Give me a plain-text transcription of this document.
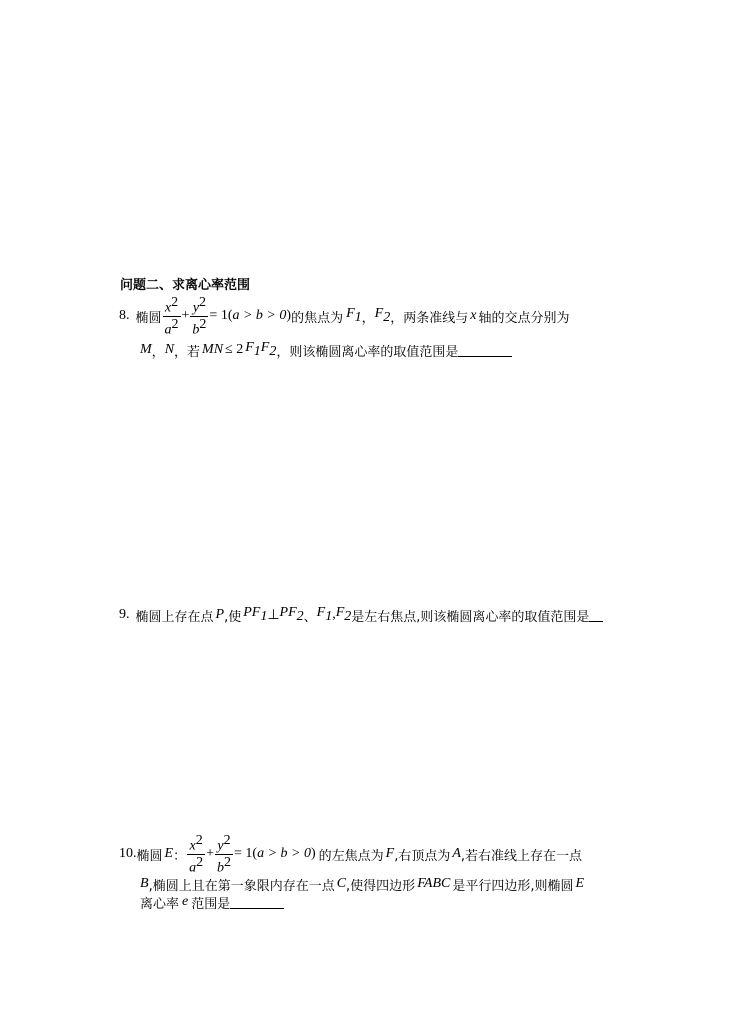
问题二、求离心率范围
8. 椭圆 $\frac{x^2}{a^2} + \frac{y^2}{b^2} = 1$( a > b > 0 ) 的焦点为 $F_1$ ， $F_2$ ，两条准线与 x 轴的交点分别为
M ， N ，若 MN ≤ 2 $F_1F_2$ ，则该椭圆离心率的取值范围是
9. 椭圆上存在点 P ,使 $PF_1$ ⊥ $PF_2$ 、 $F_1$ , $F_2$ 是左右焦点,则该椭圆离心率的取值范围是
10. 椭圆 E ： $\frac{x^2}{a^2} + \frac{y^2}{b^2} = 1$( a > b > 0 ) 的左焦点为 F ,右顶点为 A ,若右准线上存在一点
B ,椭圆上且在第一象限内存在一点 C ,使得四边形 FABC 是平行四边形,则椭圆 E
离心率 e 范围是
